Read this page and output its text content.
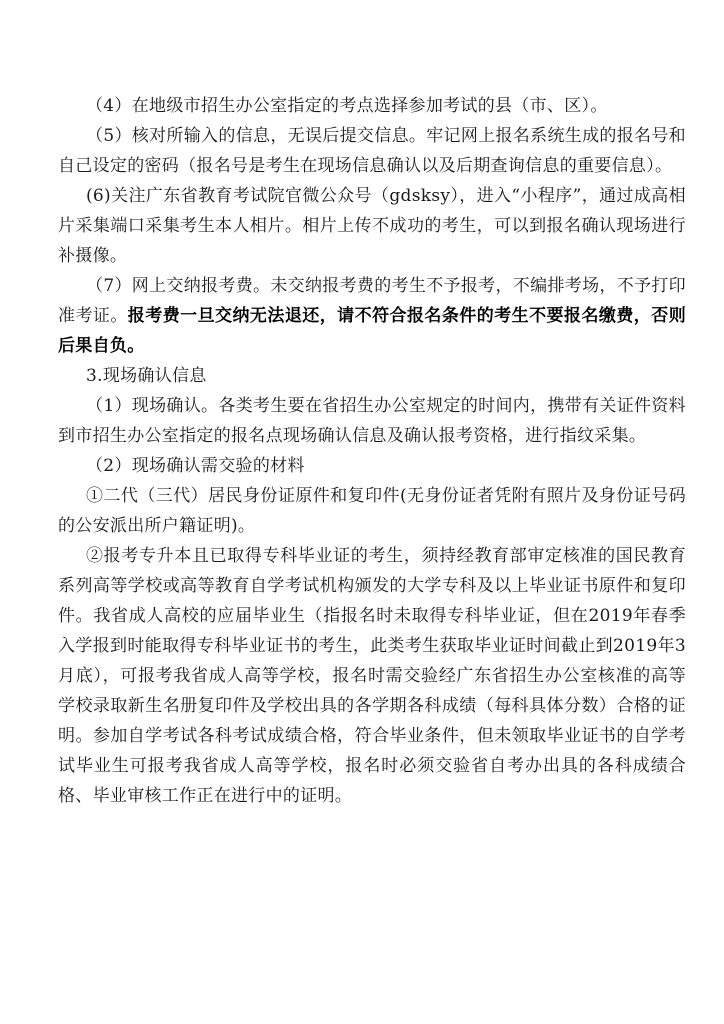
（4）在地级市招生办公室指定的考点选择参加考试的县（市、区）。

（5）核对所输入的信息，无误后提交信息。牢记网上报名系统生成的报名号和自己设定的密码（报名号是考生在现场信息确认以及后期查询信息的重要信息）。

(6)关注广东省教育考试院官微公众号（gdsksy），进入“小程序”，通过成高相片采集端口采集考生本人相片。相片上传不成功的考生，可以到报名确认现场进行补摄像。

（7）网上交纳报考费。未交纳报考费的考生不予报考，不编排考场，不予打印准考证。报考费一旦交纳无法退还，请不符合报名条件的考生不要报名缴费，否则后果自负。

3.现场确认信息

（1）现场确认。各类考生要在省招生办公室规定的时间内，携带有关证件资料到市招生办公室指定的报名点现场确认信息及确认报考资格，进行指纹采集。

（2）现场确认需交验的材料

①二代（三代）居民身份证原件和复印件(无身份证者凭附有照片及身份证号码的公安派出所户籍证明)。

②报考专升本且已取得专科毕业证的考生，须持经教育部审定核准的国民教育系列高等学校或高等教育自学考试机构颁发的大学专科及以上毕业证书原件和复印件。我省成人高校的应届毕业生（指报名时未取得专科毕业证，但在2019年春季入学报到时能取得专科毕业证书的考生，此类考生获取毕业证时间截止到2019年3月底），可报考我省成人高等学校，报名时需交验经广东省招生办公室核准的高等学校录取新生名册复印件及学校出具的各学期各科成绩（每科具体分数）合格的证明。参加自学考试各科考试成绩合格，符合毕业条件，但未领取毕业证书的自学考试毕业生可报考我省成人高等学校，报名时必须交验省自考办出具的各科成绩合格、毕业审核工作正在进行中的证明。
